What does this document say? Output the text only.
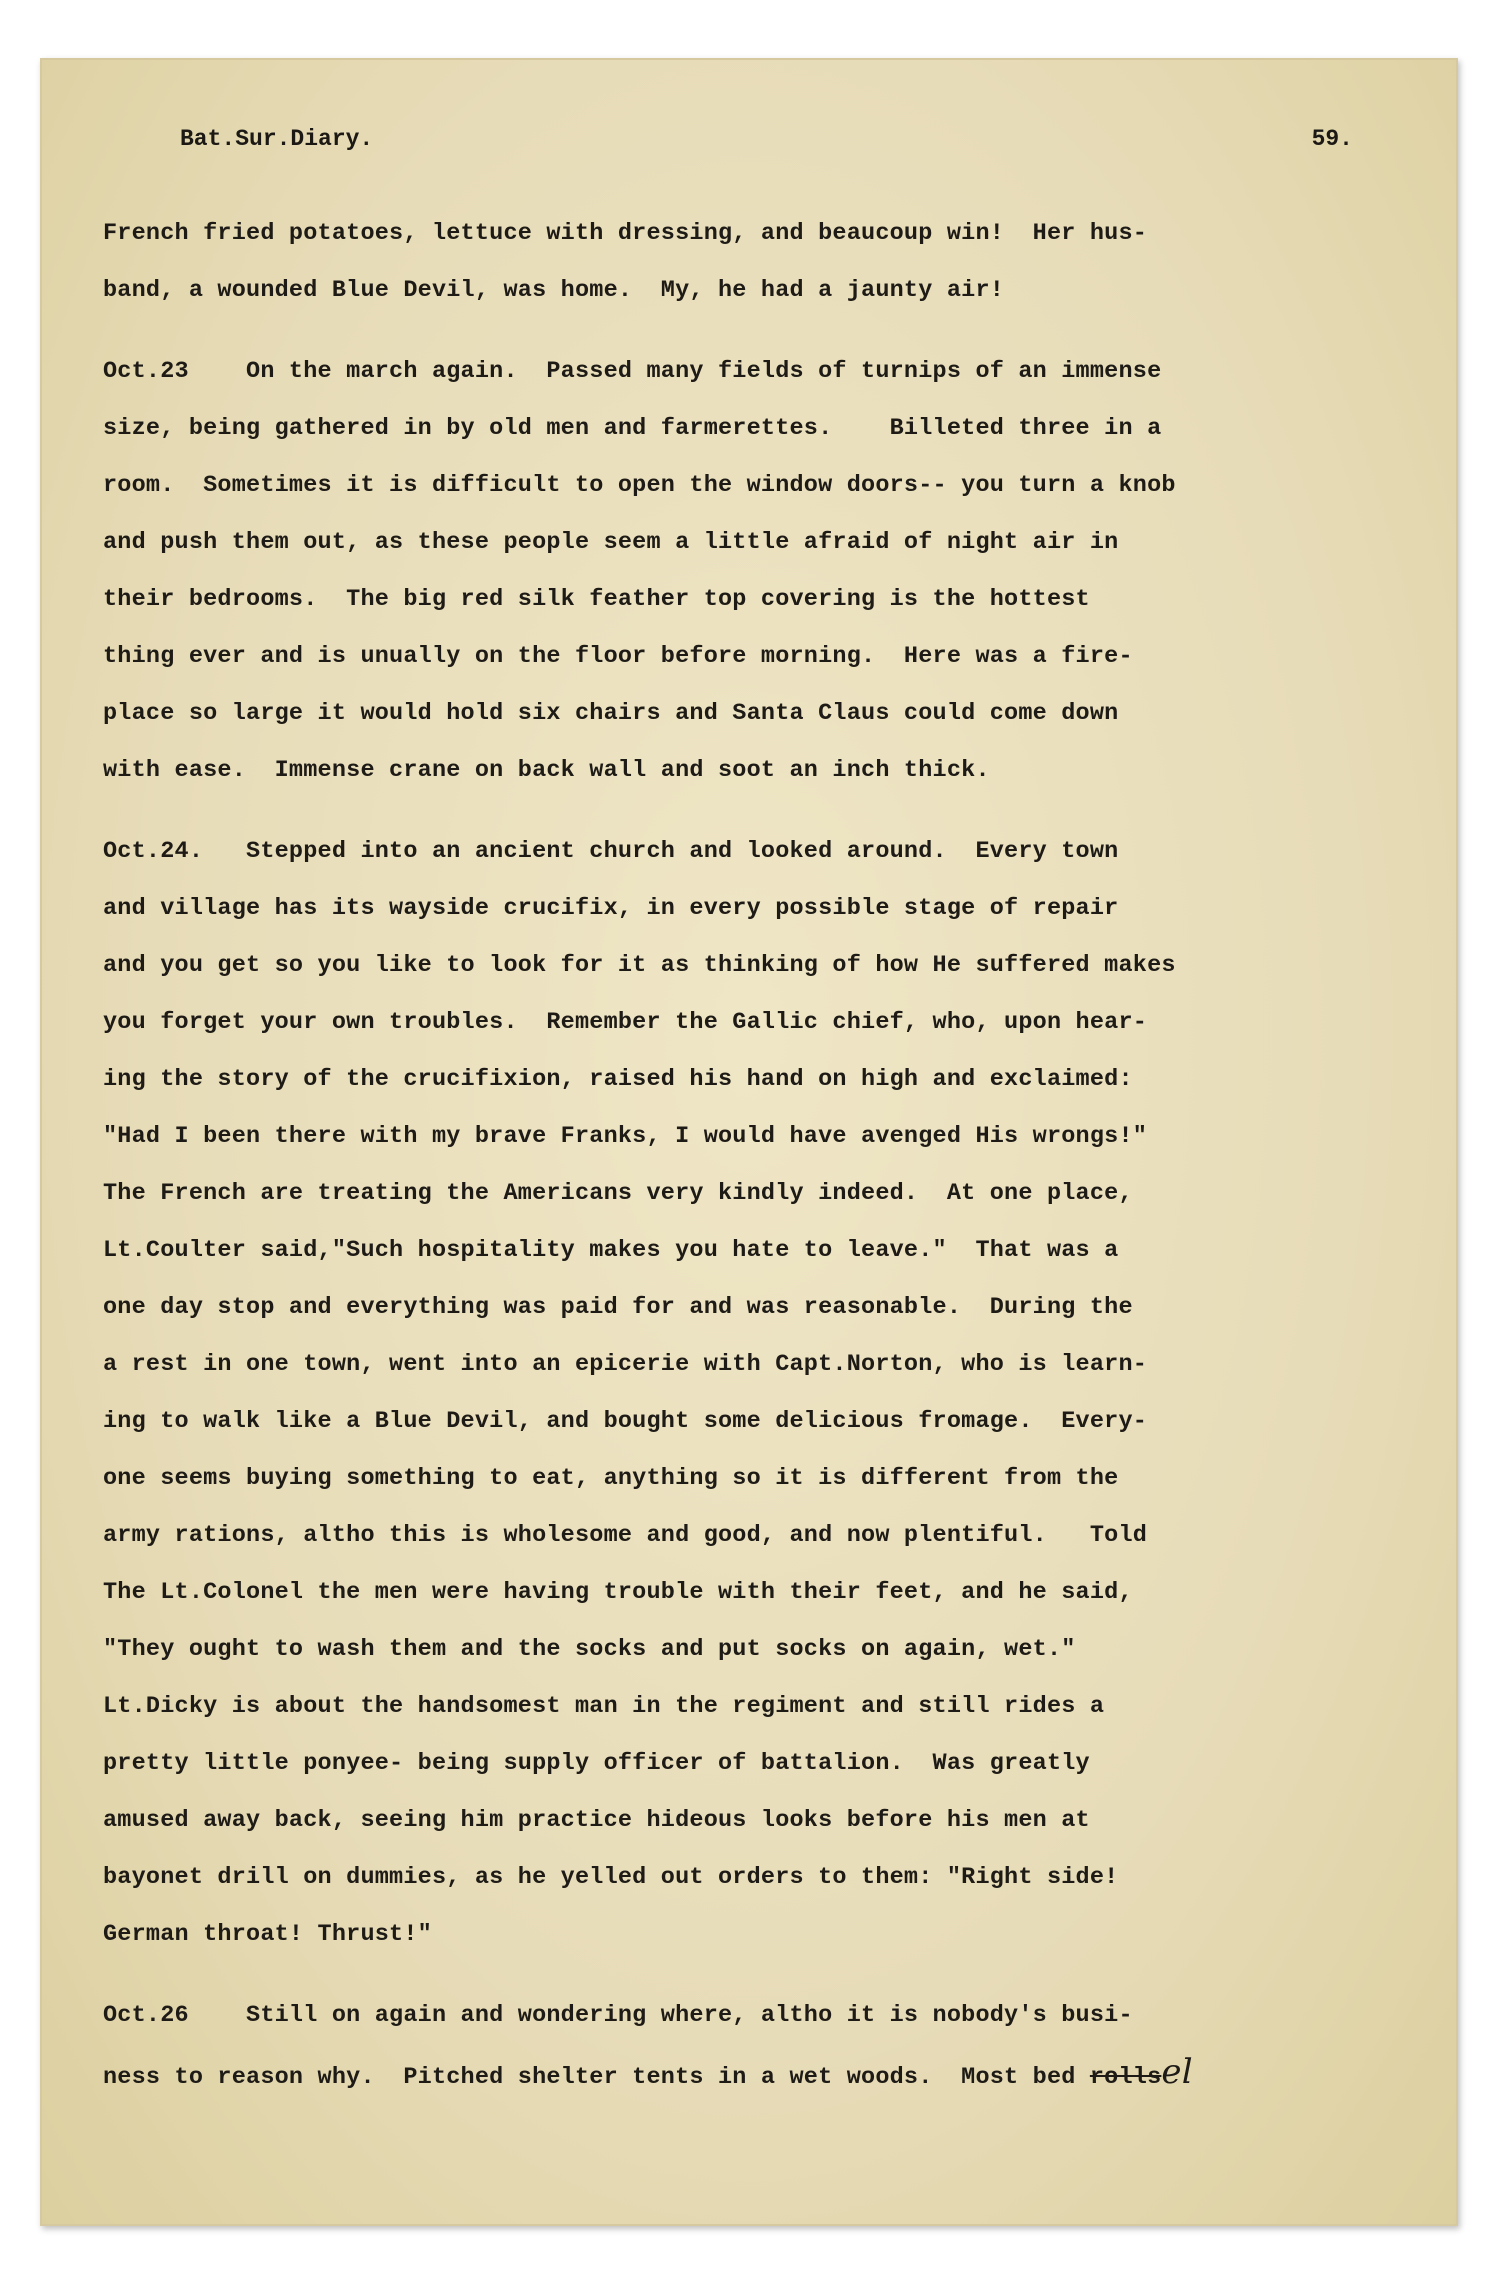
Bat.Sur.Diary.	59.
French fried potatoes, lettuce with dressing, and beaucoup win!  Her hus-
band, a wounded Blue Devil, was home.  My, he had a jaunty air!
Oct.23    On the march again.  Passed many fields of turnips of an immense
size, being gathered in by old men and farmerettes.    Billeted three in a
room.  Sometimes it is difficult to open the window doors-- you turn a knob
and push them out, as these people seem a little afraid of night air in
their bedrooms.  The big red silk feather top covering is the hottest
thing ever and is unually on the floor before morning.  Here was a fire-
place so large it would hold six chairs and Santa Claus could come down
with ease.  Immense crane on back wall and soot an inch thick.
Oct.24.   Stepped into an ancient church and looked around.  Every town
and village has its wayside crucifix, in every possible stage of repair
and you get so you like to look for it as thinking of how He suffered makes
you forget your own troubles.  Remember the Gallic chief, who, upon hear-
ing the story of the crucifixion, raised his hand on high and exclaimed:
"Had I been there with my brave Franks, I would have avenged His wrongs!"
The French are treating the Americans very kindly indeed.  At one place,
Lt.Coulter said,"Such hospitality makes you hate to leave."  That was a
one day stop and everything was paid for and was reasonable.  During the
a rest in one town, went into an epicerie with Capt.Norton, who is learn-
ing to walk like a Blue Devil, and bought some delicious fromage.  Every-
one seems buying something to eat, anything so it is different from the
army rations, altho this is wholesome and good, and now plentiful.   Told
The Lt.Colonel the men were having trouble with their feet, and he said,
"They ought to wash them and the socks and put socks on again, wet."
Lt.Dicky is about the handsomest man in the regiment and still rides a
pretty little ponyee- being supply officer of battalion.  Was greatly
amused away back, seeing him practice hideous looks before his men at
bayonet drill on dummies, as he yelled out orders to them: "Right side!
German throat! Thrust!"
Oct.26    Still on again and wondering where, altho it is nobody's busi-
ness to reason why.  Pitched shelter tents in a wet woods.  Most bed rollsel
